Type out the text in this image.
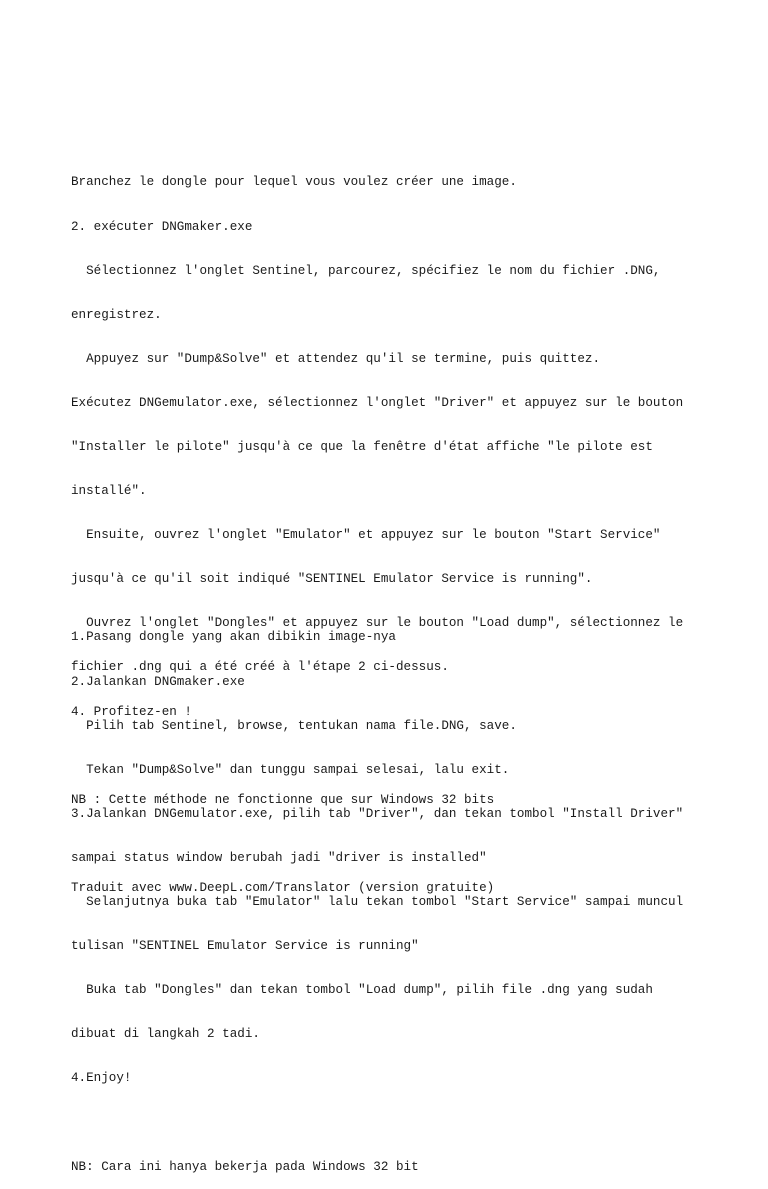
Branchez le dongle pour lequel vous voulez créer une image.

2. exécuter DNGmaker.exe

Sélectionnez l'onglet Sentinel, parcourez, spécifiez le nom du fichier .DNG,

enregistrez.

Appuyez sur "Dump&Solve" et attendez qu'il se termine, puis quittez.

Exécutez DNGemulator.exe, sélectionnez l'onglet "Driver" et appuyez sur le bouton

"Installer le pilote" jusqu'à ce que la fenêtre d'état affiche "le pilote est

installé".

Ensuite, ouvrez l'onglet "Emulator" et appuyez sur le bouton "Start Service"

jusqu'à ce qu'il soit indiqué "SENTINEL Emulator Service is running".

Ouvrez l'onglet "Dongles" et appuyez sur le bouton "Load dump", sélectionnez le

fichier .dng qui a été créé à l'étape 2 ci-dessus.

4. Profitez-en !

NB : Cette méthode ne fonctionne que sur Windows 32 bits

Traduit avec www.DeepL.com/Translator (version gratuite)

1.Pasang dongle yang akan dibikin image-nya

2.Jalankan DNGmaker.exe

Pilih tab Sentinel, browse, tentukan nama file.DNG, save.

Tekan "Dump&Solve" dan tunggu sampai selesai, lalu exit.

3.Jalankan DNGemulator.exe, pilih tab "Driver", dan tekan tombol "Install Driver"

sampai status window berubah jadi "driver is installed"

Selanjutnya buka tab "Emulator" lalu tekan tombol "Start Service" sampai muncul

tulisan "SENTINEL Emulator Service is running"

Buka tab "Dongles" dan tekan tombol "Load dump", pilih file .dng yang sudah

dibuat di langkah 2 tadi.

4.Enjoy!

NB: Cara ini hanya bekerja pada Windows 32 bit
